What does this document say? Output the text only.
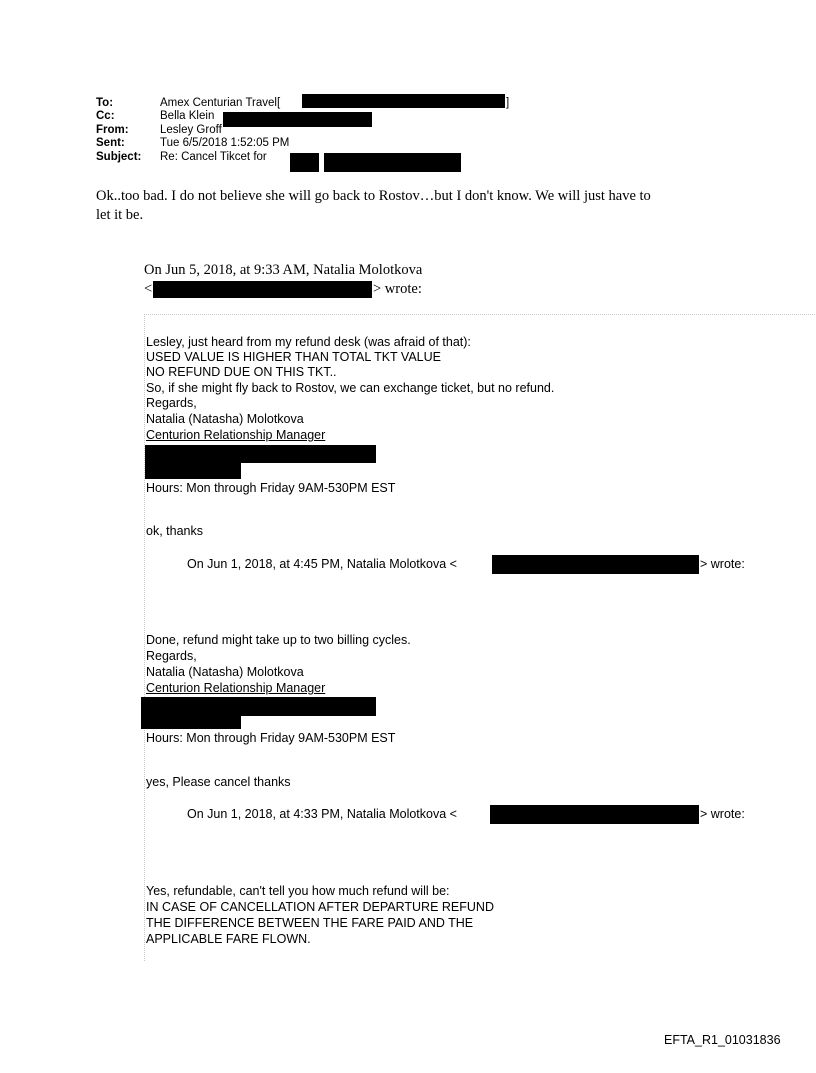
To:	Amex Centurian Travel[	]
Cc:	Bella Klein
From:	Lesley Groff
Sent:	Tue 6/5/2018 1:52:05 PM
Subject: Re: Cancel Tikcet for
Ok..too bad. I do not believe she will go back to Rostov…but I don't know. We will just have to
let it be.
On Jun 5, 2018, at 9:33 AM, Natalia Molotkova
<	> wrote:
Lesley, just heard from my refund desk (was afraid of that):
USED VALUE IS HIGHER THAN TOTAL TKT VALUE
NO REFUND DUE ON THIS TKT..
So, if she might fly back to Rostov, we can exchange ticket, but no refund.
Regards,
Natalia (Natasha) Molotkova
Centurion Relationship Manager
Hours: Mon through Friday 9AM-530PM EST
ok, thanks
On Jun 1, 2018, at 4:45 PM, Natalia Molotkova <	> wrote:
Done, refund might take up to two billing cycles.
Regards,
Natalia (Natasha) Molotkova
Centurion Relationship Manager
Hours: Mon through Friday 9AM-530PM EST
yes, Please cancel thanks
On Jun 1, 2018, at 4:33 PM, Natalia Molotkova <	> wrote:
Yes, refundable, can't tell you how much refund will be:
IN CASE OF CANCELLATION AFTER DEPARTURE REFUND
THE DIFFERENCE BETWEEN THE FARE PAID AND THE
APPLICABLE FARE FLOWN.
EFTA_R1_01031836
